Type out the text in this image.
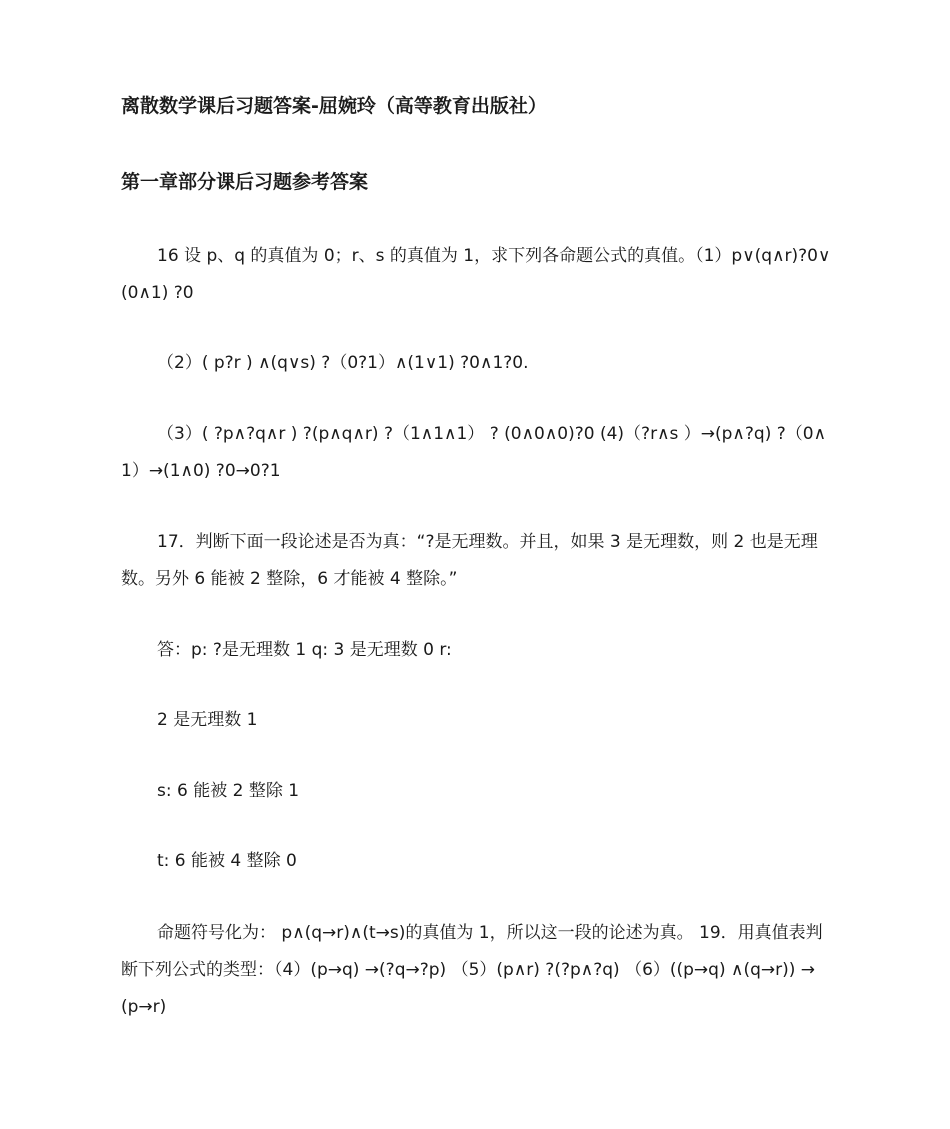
离散数学课后习题答案-屈婉玲（高等教育出版社）
第一章部分课后习题参考答案

16 设 p、q 的真值为 0；r、s 的真值为 1，求下列各命题公式的真值。（1）p∨(q∧r)?0∨(0∧1) ?0

（2）( p?r ) ∧(q∨s) ?（0?1）∧(1∨1) ?0∧1?0.

（3）( ?p∧?q∧r ) ?(p∧q∧r) ?（1∧1∧1） ? (0∧0∧0)?0 (4)（?r∧s ）→(p∧?q) ?（0∧1）→(1∧0) ?0→0?1

17．判断下面一段论述是否为真：“?是无理数。并且，如果 3 是无理数，则 2 也是无理数。另外 6 能被 2 整除，6 才能被 4 整除。”

答：p: ?是无理数 1 q: 3 是无理数 0 r:

2 是无理数 1

s: 6 能被 2 整除 1

t: 6 能被 4 整除 0

命题符号化为： p∧(q→r)∧(t→s)的真值为 1，所以这一段的论述为真。 19．用真值表判断下列公式的类型：（4）(p→q) →(?q→?p) （5）(p∧r) ?(?p∧?q) （6）((p→q) ∧(q→r)) →(p→r)
